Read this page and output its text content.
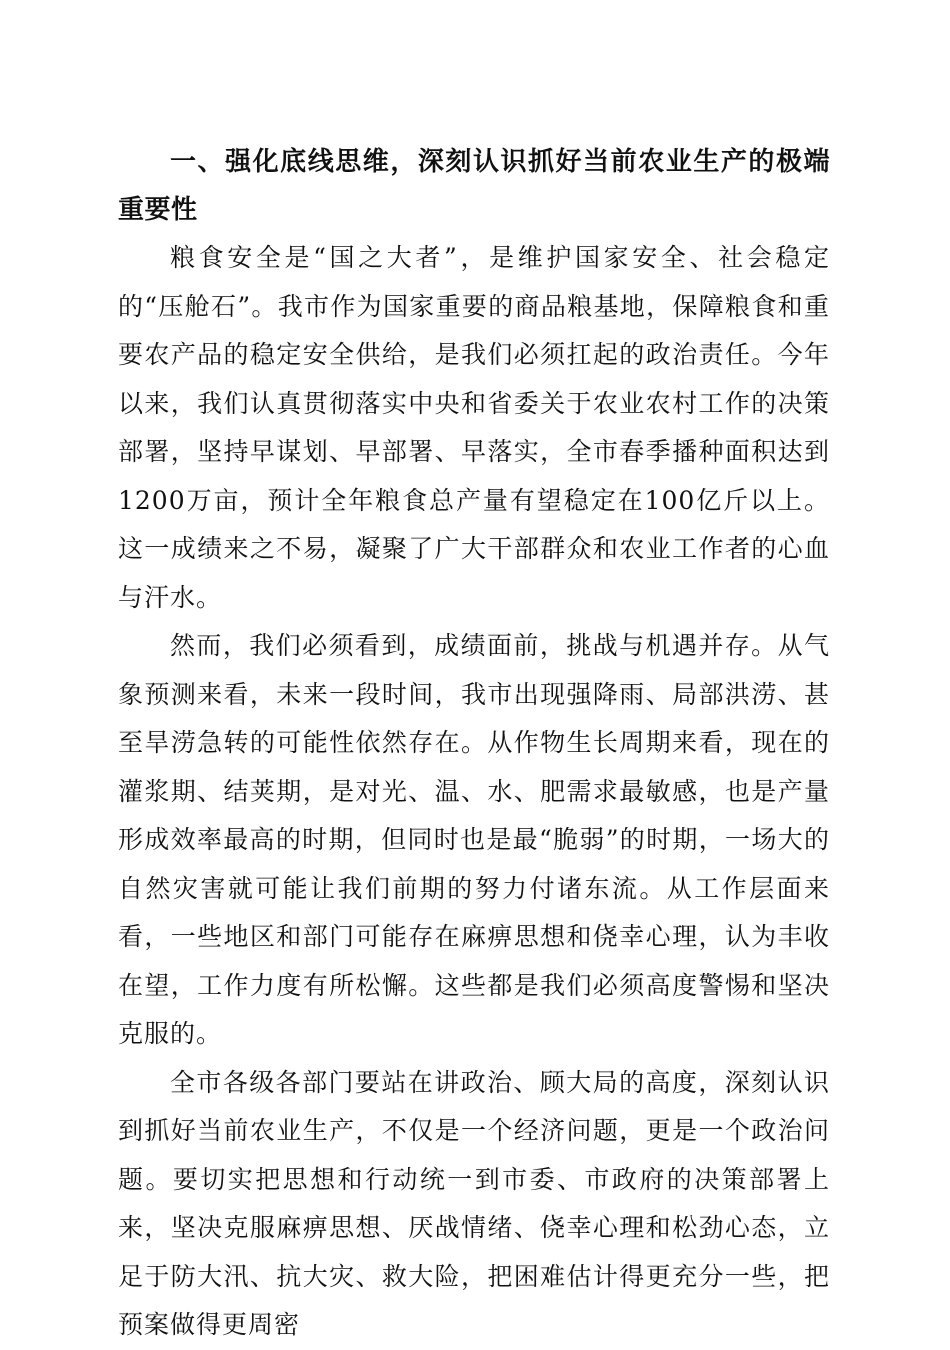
一、强化底线思维，深刻认识抓好当前农业生产的极端重要性

粮食安全是“国之大者”，是维护国家安全、社会稳定的“压舱石”。我市作为国家重要的商品粮基地，保障粮食和重要农产品的稳定安全供给，是我们必须扛起的政治责任。今年以来，我们认真贯彻落实中央和省委关于农业农村工作的决策部署，坚持早谋划、早部署、早落实，全市春季播种面积达到1200万亩，预计全年粮食总产量有望稳定在100亿斤以上。这一成绩来之不易，凝聚了广大干部群众和农业工作者的心血与汗水。

然而，我们必须看到，成绩面前，挑战与机遇并存。从气象预测来看，未来一段时间，我市出现强降雨、局部洪涝、甚至旱涝急转的可能性依然存在。从作物生长周期来看，现在的灌浆期、结荚期，是对光、温、水、肥需求最敏感，也是产量形成效率最高的时期，但同时也是最“脆弱”的时期，一场大的自然灾害就可能让我们前期的努力付诸东流。从工作层面来看，一些地区和部门可能存在麻痹思想和侥幸心理，认为丰收在望，工作力度有所松懈。这些都是我们必须高度警惕和坚决克服的。

全市各级各部门要站在讲政治、顾大局的高度，深刻认识到抓好当前农业生产，不仅是一个经济问题，更是一个政治问题。要切实把思想和行动统一到市委、市政府的决策部署上来，坚决克服麻痹思想、厌战情绪、侥幸心理和松劲心态，立足于防大汛、抗大灾、救大险，把困难估计得更充分一些，把预案做得更周密
